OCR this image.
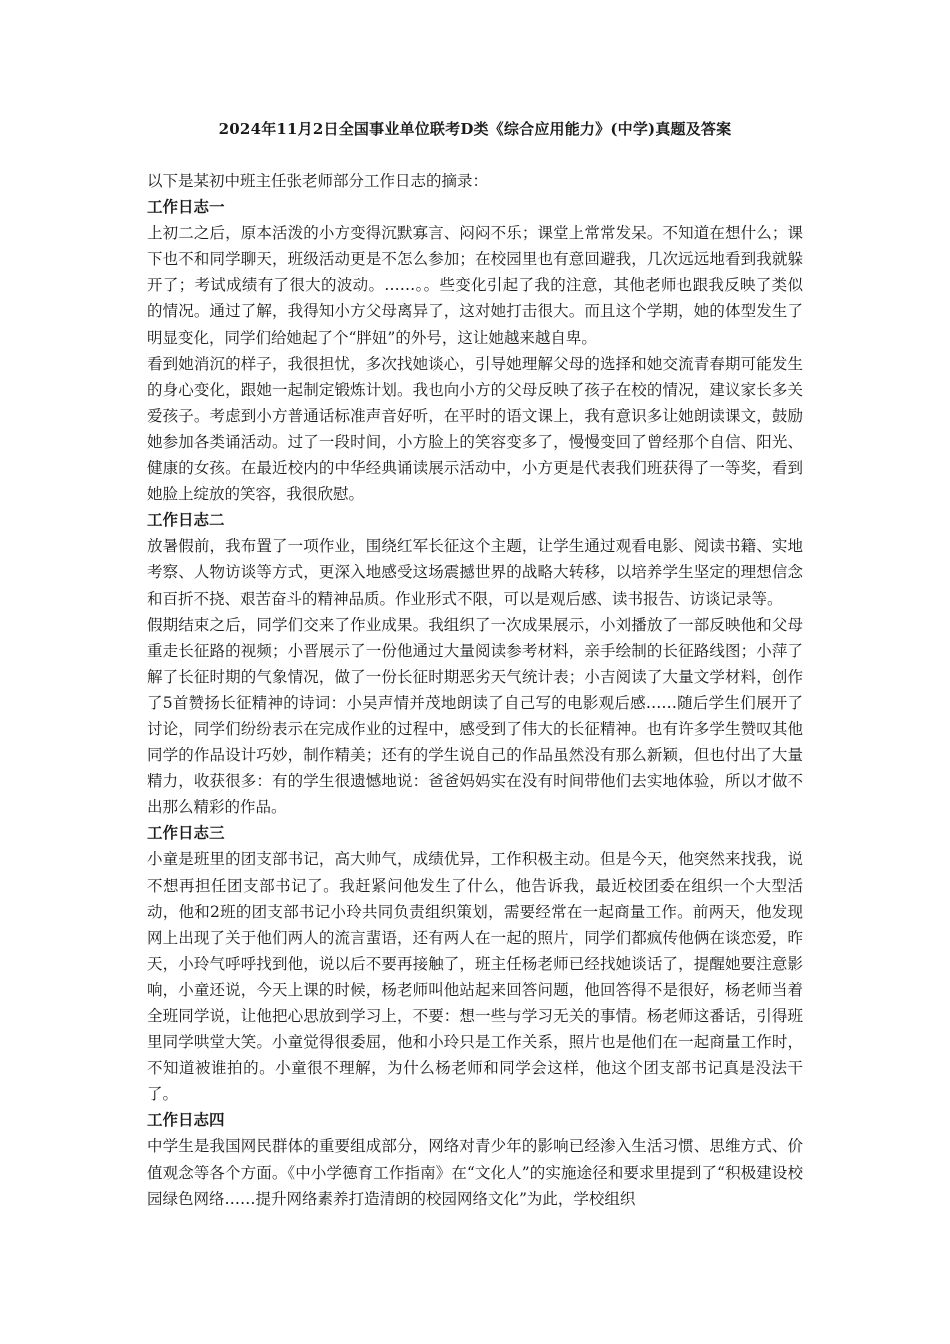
2024年11月2日全国事业单位联考D类《综合应用能力》(中学)真题及答案

以下是某初中班主任张老师部分工作日志的摘录：

工作日志一

上初二之后，原本活泼的小方变得沉默寡言、闷闷不乐；课堂上常常发呆。不知道在想什么；课下也不和同学聊天，班级活动更是不怎么参加；在校园里也有意回避我，几次远远地看到我就躲开了；考试成绩有了很大的波动。……。。些变化引起了我的注意，其他老师也跟我反映了类似的情况。通过了解，我得知小方父母离异了，这对她打击很大。而且这个学期，她的体型发生了明显变化，同学们给她起了个“胖妞”的外号，这让她越来越自卑。

看到她消沉的样子，我很担忧，多次找她谈心，引导她理解父母的选择和她交流青春期可能发生的身心变化，跟她一起制定锻炼计划。我也向小方的父母反映了孩子在校的情况，建议家长多关爱孩子。考虑到小方普通话标准声音好听，在平时的语文课上，我有意识多让她朗读课文，鼓励她参加各类诵活动。过了一段时间，小方脸上的笑容变多了，慢慢变回了曾经那个自信、阳光、健康的女孩。在最近校内的中华经典诵读展示活动中，小方更是代表我们班获得了一等奖，看到她脸上绽放的笑容，我很欣慰。

工作日志二

放暑假前，我布置了一项作业，围绕红军长征这个主题，让学生通过观看电影、阅读书籍、实地考察、人物访谈等方式，更深入地感受这场震撼世界的战略大转移，以培养学生坚定的理想信念和百折不挠、艰苦奋斗的精神品质。作业形式不限，可以是观后感、读书报告、访谈记录等。

假期结束之后，同学们交来了作业成果。我组织了一次成果展示，小刘播放了一部反映他和父母重走长征路的视频；小晋展示了一份他通过大量阅读参考材料，亲手绘制的长征路线图；小萍了解了长征时期的气象情况，做了一份长征时期恶劣天气统计表；小吉阅读了大量文学材料，创作了5首赞扬长征精神的诗词：小吴声情并茂地朗读了自己写的电影观后感……随后学生们展开了讨论，同学们纷纷表示在完成作业的过程中，感受到了伟大的长征精神。也有许多学生赞叹其他同学的作品设计巧妙，制作精美；还有的学生说自己的作品虽然没有那么新颖，但也付出了大量精力，收获很多：有的学生很遗憾地说：爸爸妈妈实在没有时间带他们去实地体验，所以才做不出那么精彩的作品。

工作日志三

小童是班里的团支部书记，高大帅气，成绩优异，工作积极主动。但是今天，他突然来找我，说不想再担任团支部书记了。我赶紧问他发生了什么，他告诉我，最近校团委在组织一个大型活动，他和2班的团支部书记小玲共同负责组织策划，需要经常在一起商量工作。前两天，他发现网上出现了关于他们两人的流言蜚语，还有两人在一起的照片，同学们都疯传他俩在谈恋爱，昨天，小玲气呼呼找到他，说以后不要再接触了，班主任杨老师已经找她谈话了，提醒她要注意影响，小童还说，今天上课的时候，杨老师叫他站起来回答问题，他回答得不是很好，杨老师当着全班同学说，让他把心思放到学习上，不要：想一些与学习无关的事情。杨老师这番话，引得班里同学哄堂大笑。小童觉得很委屈，他和小玲只是工作关系，照片也是他们在一起商量工作时，不知道被谁拍的。小童很不理解，为什么杨老师和同学会这样，他这个团支部书记真是没法干了。

工作日志四

中学生是我国网民群体的重要组成部分，网络对青少年的影响已经渗入生活习惯、思维方式、价值观念等各个方面。《中小学德育工作指南》在“文化人”的实施途径和要求里提到了“积极建设校园绿色网络……提升网络素养打造清朗的校园网络文化”为此，学校组织
